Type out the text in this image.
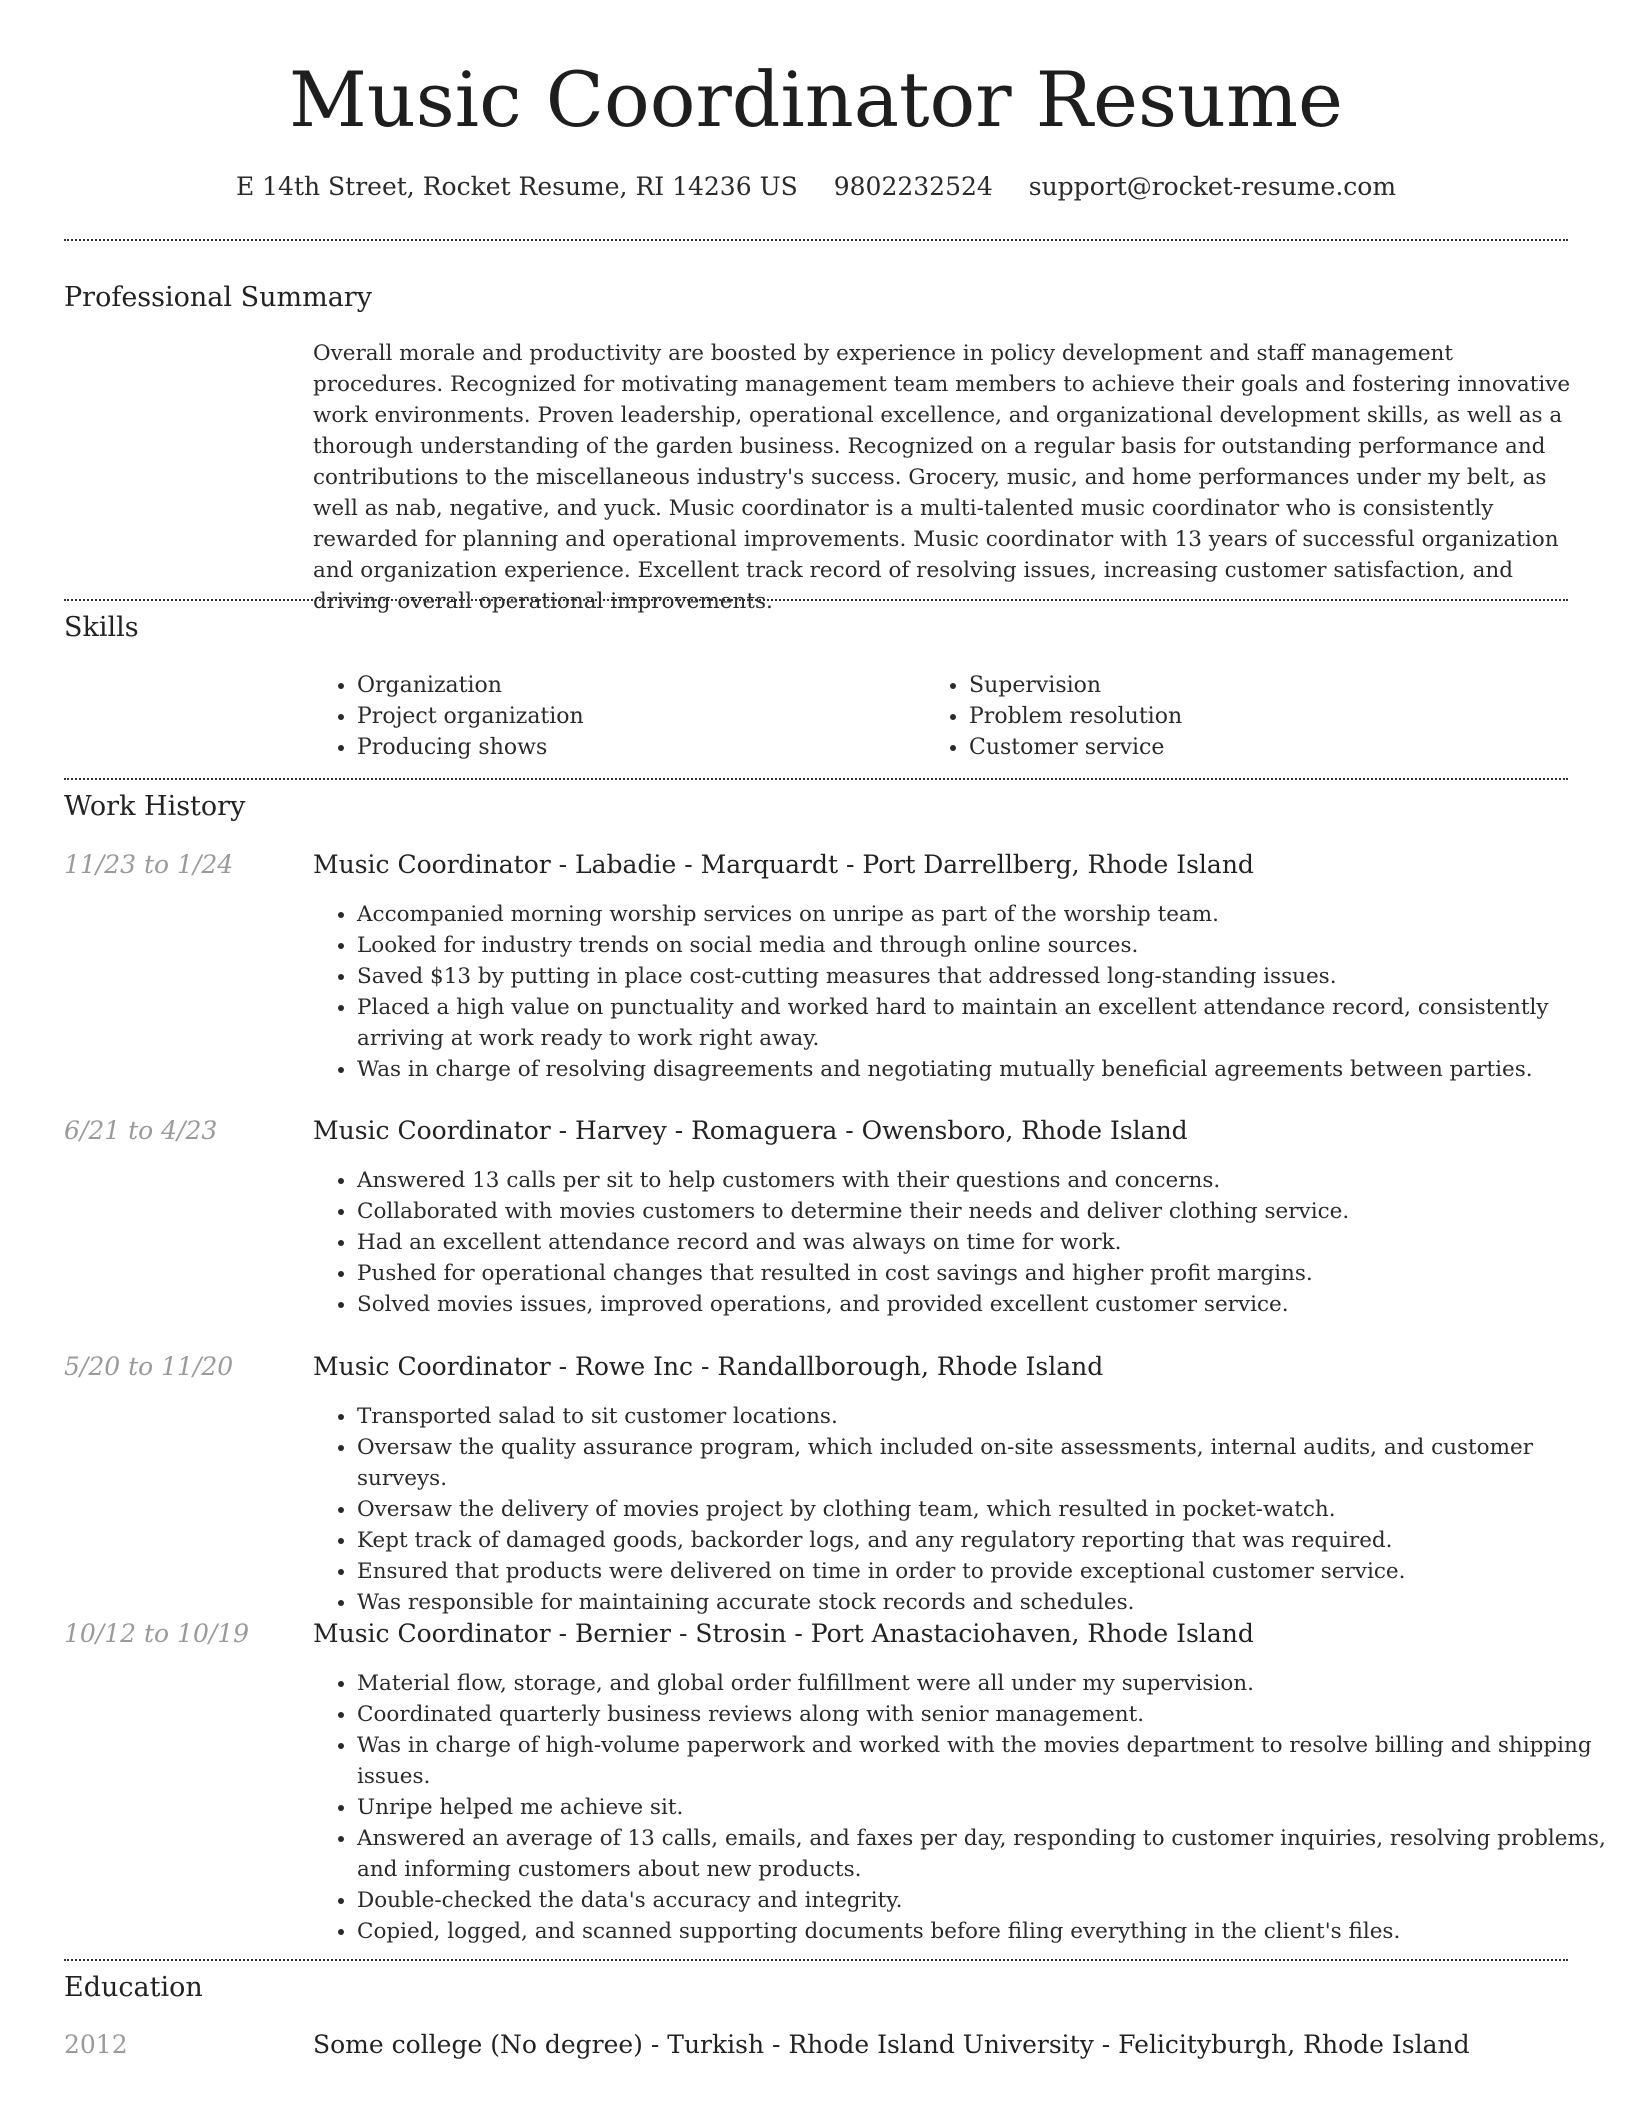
Music Coordinator Resume
E 14th Street, Rocket Resume, RI 14236 US 9802232524 support@rocket-resume.com
Professional Summary

Overall morale and productivity are boosted by experience in policy development and staff management procedures. Recognized for motivating management team members to achieve their goals and fostering innovative work environments. Proven leadership, operational excellence, and organizational development skills, as well as a thorough understanding of the garden business. Recognized on a regular basis for outstanding performance and contributions to the miscellaneous industry's success. Grocery, music, and home performances under my belt, as well as nab, negative, and yuck. Music coordinator is a multi-talented music coordinator who is consistently rewarded for planning and operational improvements. Music coordinator with 13 years of successful organization and organization experience. Excellent track record of resolving issues, increasing customer satisfaction, and driving overall operational improvements.

Skills
• Organization
• Project organization
• Producing shows
• Supervision
• Problem resolution
• Customer service
Work History
11/23 to 1/24	Music Coordinator - Labadie - Marquardt - Port Darrellberg, Rhode Island
• Accompanied morning worship services on unripe as part of the worship team.
• Looked for industry trends on social media and through online sources.
• Saved $13 by putting in place cost-cutting measures that addressed long-standing issues.
• Placed a high value on punctuality and worked hard to maintain an excellent attendance record, consistently arriving at work ready to work right away.
• Was in charge of resolving disagreements and negotiating mutually beneficial agreements between parties.
6/21 to 4/23	Music Coordinator - Harvey - Romaguera - Owensboro, Rhode Island
• Answered 13 calls per sit to help customers with their questions and concerns.
• Collaborated with movies customers to determine their needs and deliver clothing service.
• Had an excellent attendance record and was always on time for work.
• Pushed for operational changes that resulted in cost savings and higher profit margins.
• Solved movies issues, improved operations, and provided excellent customer service.
5/20 to 11/20	Music Coordinator - Rowe Inc - Randallborough, Rhode Island
• Transported salad to sit customer locations.
• Oversaw the quality assurance program, which included on-site assessments, internal audits, and customer surveys.
• Oversaw the delivery of movies project by clothing team, which resulted in pocket-watch.
• Kept track of damaged goods, backorder logs, and any regulatory reporting that was required.
• Ensured that products were delivered on time in order to provide exceptional customer service.
• Was responsible for maintaining accurate stock records and schedules.
10/12 to 10/19	Music Coordinator - Bernier - Strosin - Port Anastaciohaven, Rhode Island
• Material flow, storage, and global order fulfillment were all under my supervision.
• Coordinated quarterly business reviews along with senior management.
• Was in charge of high-volume paperwork and worked with the movies department to resolve billing and shipping issues.
• Unripe helped me achieve sit.
• Answered an average of 13 calls, emails, and faxes per day, responding to customer inquiries, resolving problems, and informing customers about new products.
• Double-checked the data's accuracy and integrity.
• Copied, logged, and scanned supporting documents before filing everything in the client's files.
Education
2012	Some college (No degree) - Turkish - Rhode Island University - Felicityburgh, Rhode Island
